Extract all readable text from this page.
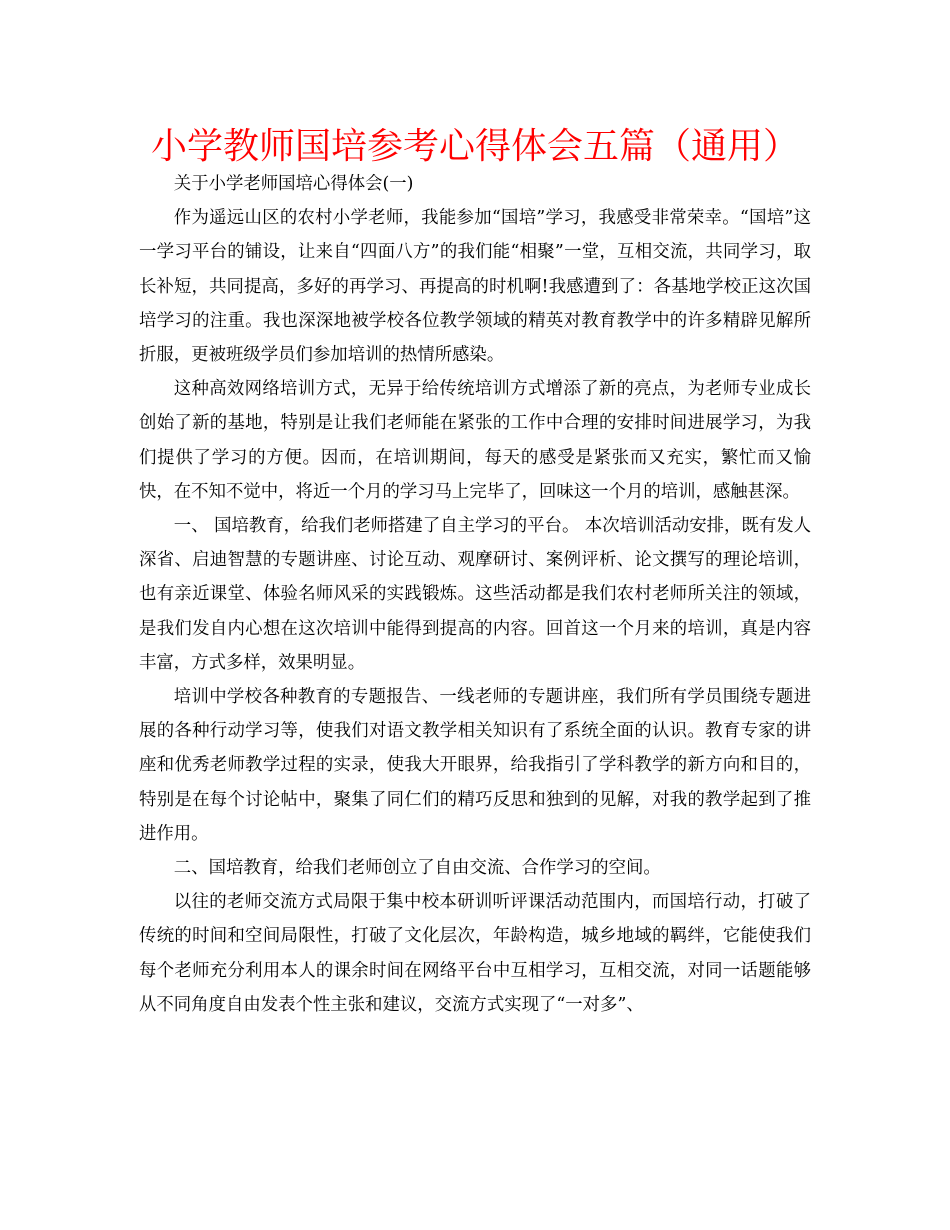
小学教师国培参考心得体会五篇（通用）

关于小学老师国培心得体会(一)

作为遥远山区的农村小学老师，我能参加“国培”学习，我感受非常荣幸。“国培”这一学习平台的铺设，让来自“四面八方”的我们能“相聚”一堂，互相交流，共同学习，取长补短，共同提高，多好的再学习、再提高的时机啊!我感遭到了：各基地学校正这次国培学习的注重。我也深深地被学校各位教学领域的精英对教育教学中的许多精辟见解所折服，更被班级学员们参加培训的热情所感染。

这种高效网络培训方式，无异于给传统培训方式增添了新的亮点，为老师专业成长创始了新的基地，特别是让我们老师能在紧张的工作中合理的安排时间进展学习，为我们提供了学习的方便。因而，在培训期间，每天的感受是紧张而又充实，繁忙而又愉快，在不知不觉中，将近一个月的学习马上完毕了，回味这一个月的培训，感触甚深。

一、 国培教育，给我们老师搭建了自主学习的平台。 本次培训活动安排，既有发人深省、启迪智慧的专题讲座、讨论互动、观摩研讨、案例评析、论文撰写的理论培训，也有亲近课堂、体验名师风采的实践锻炼。这些活动都是我们农村老师所关注的领域，是我们发自内心想在这次培训中能得到提高的内容。回首这一个月来的培训，真是内容丰富，方式多样，效果明显。

培训中学校各种教育的专题报告、一线老师的专题讲座，我们所有学员围绕专题进展的各种行动学习等，使我们对语文教学相关知识有了系统全面的认识。教育专家的讲座和优秀老师教学过程的实录，使我大开眼界，给我指引了学科教学的新方向和目的，特别是在每个讨论帖中，聚集了同仁们的精巧反思和独到的见解，对我的教学起到了推进作用。

二、国培教育，给我们老师创立了自由交流、合作学习的空间。

以往的老师交流方式局限于集中校本研训听评课活动范围内，而国培行动，打破了传统的时间和空间局限性，打破了文化层次，年龄构造，城乡地域的羁绊，它能使我们每个老师充分利用本人的课余时间在网络平台中互相学习，互相交流，对同一话题能够从不同角度自由发表个性主张和建议，交流方式实现了“一对多”、
